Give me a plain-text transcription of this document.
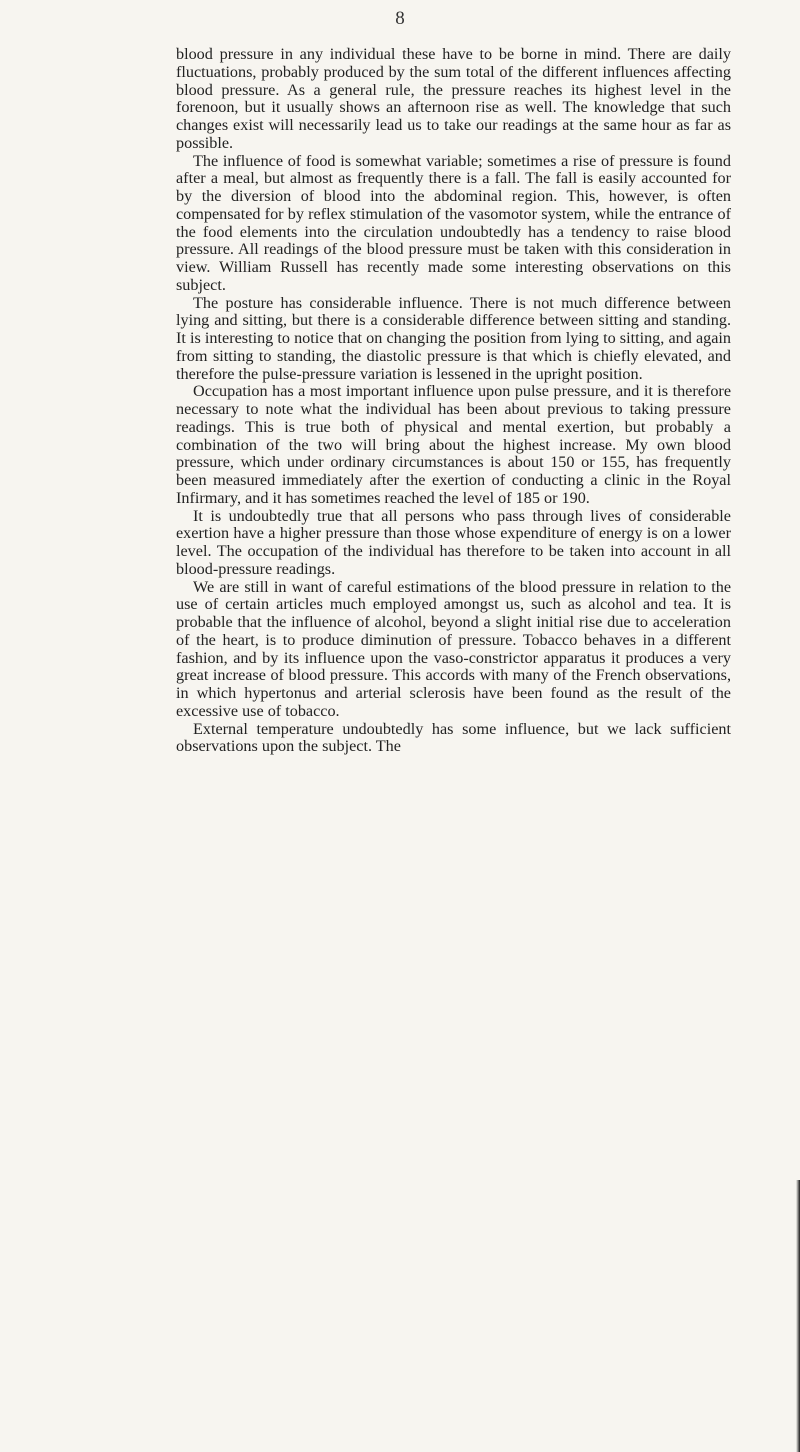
8

blood pressure in any individual these have to be borne in mind. There are daily fluctuations, probably produced by the sum total of the different influences affecting blood pressure. As a general rule, the pressure reaches its highest level in the forenoon, but it usually shows an afternoon rise as well. The knowledge that such changes exist will necessarily lead us to take our readings at the same hour as far as possible.

The influence of food is somewhat variable; sometimes a rise of pressure is found after a meal, but almost as frequently there is a fall. The fall is easily accounted for by the diversion of blood into the abdominal region. This, however, is often compensated for by reflex stimulation of the vasomotor system, while the entrance of the food elements into the circulation undoubtedly has a tendency to raise blood pressure. All readings of the blood pressure must be taken with this consideration in view. William Russell has recently made some interesting observations on this subject.

The posture has considerable influence. There is not much difference between lying and sitting, but there is a considerable difference between sitting and standing. It is interesting to notice that on changing the position from lying to sitting, and again from sitting to standing, the diastolic pressure is that which is chiefly elevated, and therefore the pulse-pressure variation is lessened in the upright position.

Occupation has a most important influence upon pulse pressure, and it is therefore necessary to note what the individual has been about previous to taking pressure readings. This is true both of physical and mental exertion, but probably a combination of the two will bring about the highest increase. My own blood pressure, which under ordinary circumstances is about 150 or 155, has frequently been measured immediately after the exertion of conducting a clinic in the Royal Infirmary, and it has sometimes reached the level of 185 or 190.

It is undoubtedly true that all persons who pass through lives of considerable exertion have a higher pressure than those whose expenditure of energy is on a lower level. The occupation of the individual has therefore to be taken into account in all blood-pressure readings.

We are still in want of careful estimations of the blood pressure in relation to the use of certain articles much employed amongst us, such as alcohol and tea. It is probable that the influence of alcohol, beyond a slight initial rise due to acceleration of the heart, is to produce diminution of pressure. Tobacco behaves in a different fashion, and by its influence upon the vaso-constrictor apparatus it produces a very great increase of blood pressure. This accords with many of the French observations, in which hypertonus and arterial sclerosis have been found as the result of the excessive use of tobacco.

External temperature undoubtedly has some influence, but we lack sufficient observations upon the subject. The
